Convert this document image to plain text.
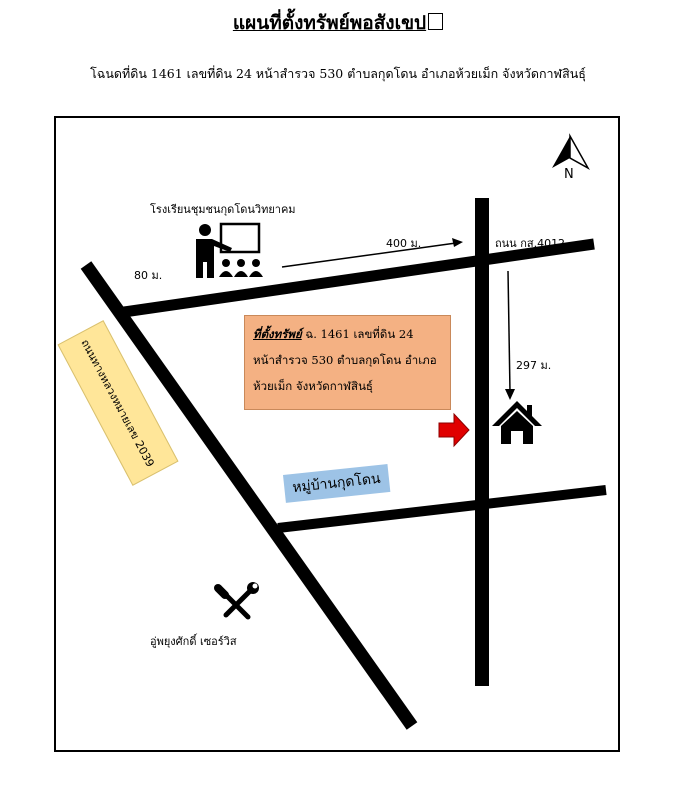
แผนที่ตั้งทรัพย์พอสังเขป
โฉนดที่ดิน 1461 เลขที่ดิน 24 หน้าสำรวจ 530 ตำบลกุดโดน อำเภอห้วยเม็ก จังหวัดกาฬสินธุ์
N
โรงเรียนชุมชนกุดโดนวิทยาคม
400 ม.	ถนน กส.4012
80 ม.
297 ม.
อู่พยุงศักดิ์ เซอร์วิส
ถนนทางหลวงหมายเลข 2039
หมู่บ้านกุดโดน
ที่ตั้งทรัพย์ ฉ. 1461 เลขที่ดิน 24
หน้าสำรวจ 530 ตำบลกุดโดน อำเภอ
ห้วยเม็ก จังหวัดกาฬสินธุ์
